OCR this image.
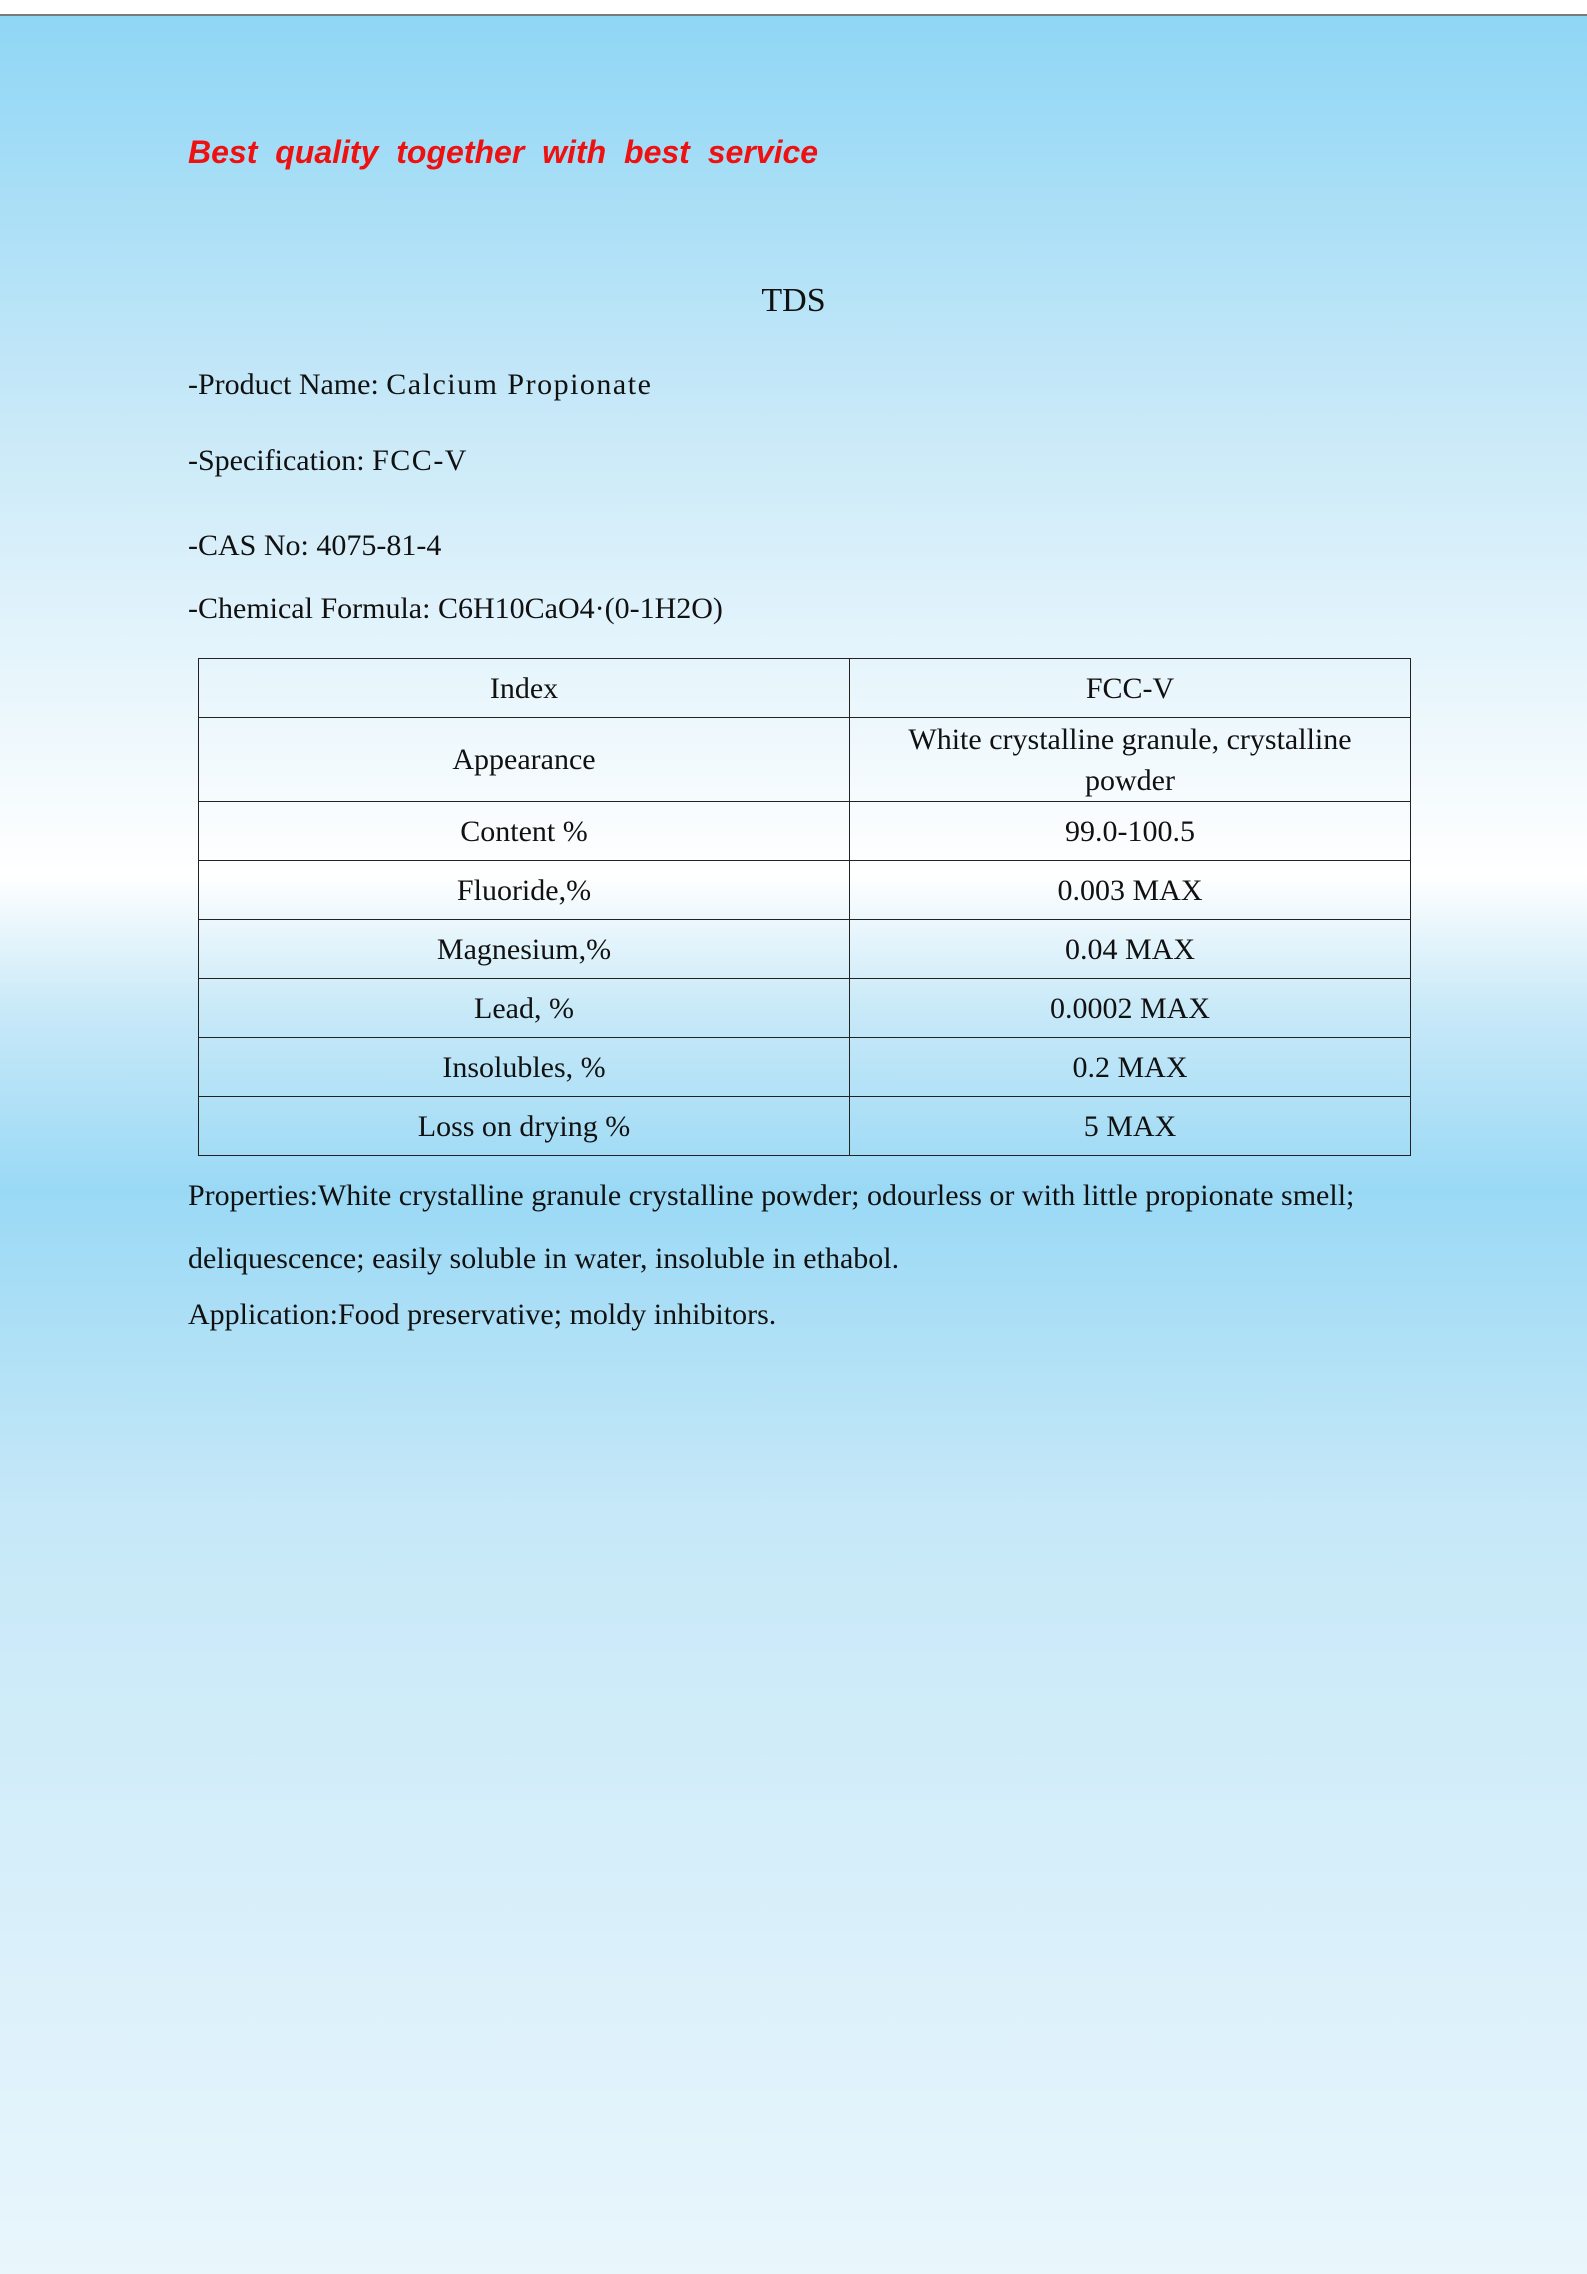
Best quality together with best service
TDS
-Product Name: Calcium Propionate
-Specification: FCC-V
-CAS No: 4075-81-4
-Chemical Formula: C6H10CaO4·(0-1H2O)
Index	FCC-V
Appearance	White crystalline granule, crystalline powder
Content %	99.0-100.5
Fluoride,%	0.003 MAX
Magnesium,%	0.04 MAX
Lead, %	0.0002 MAX
Insolubles, %	0.2 MAX
Loss on drying %	5 MAX
Properties:White crystalline granule crystalline powder; odourless or with little propionate smell; deliquescence; easily soluble in water, insoluble in ethabol.
Application:Food preservative; moldy inhibitors.
